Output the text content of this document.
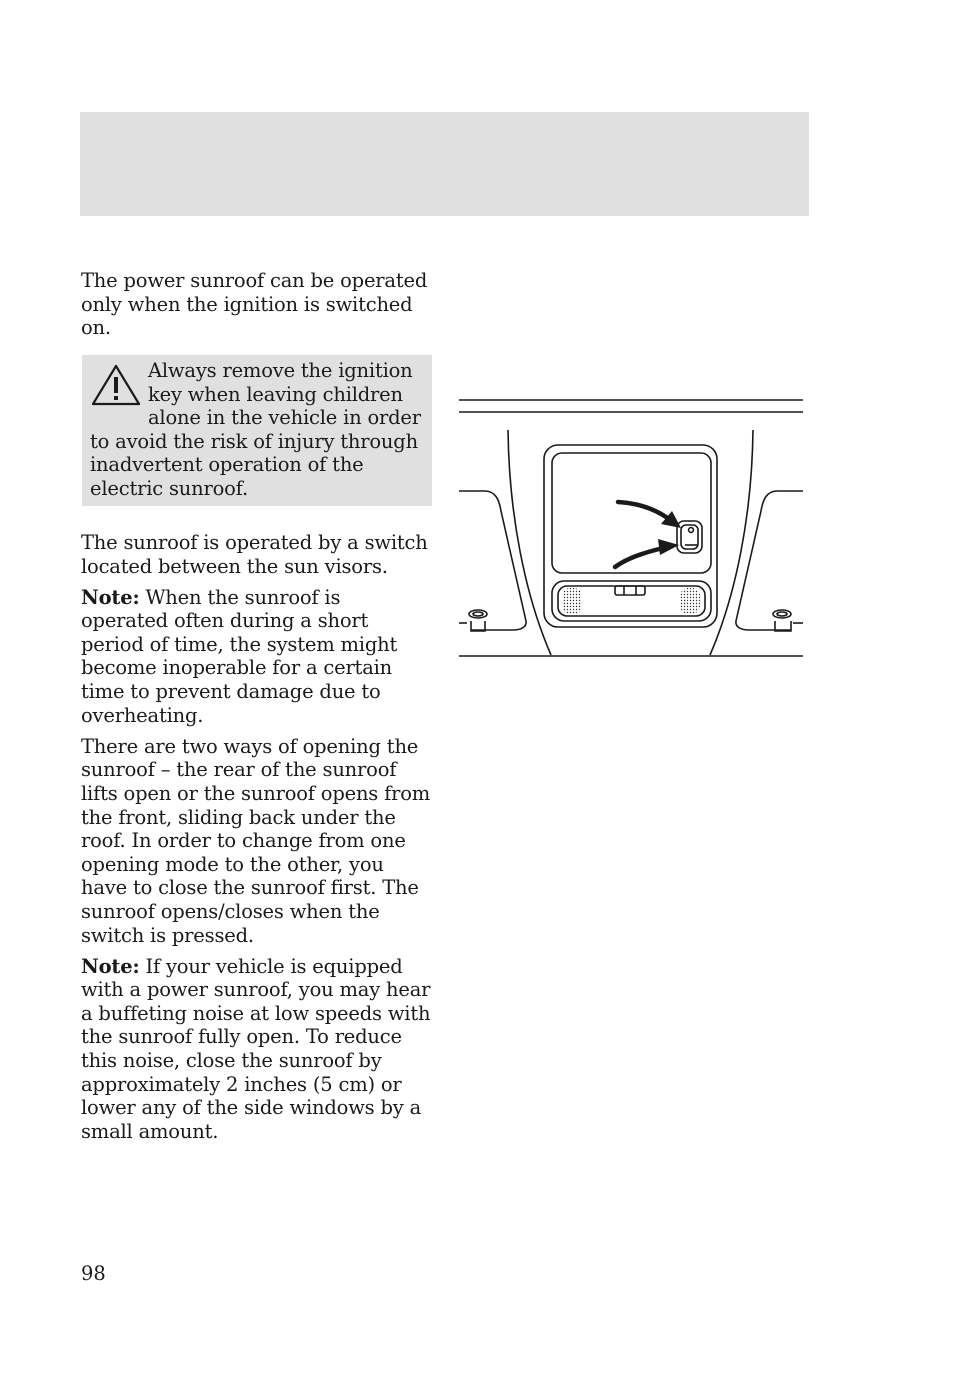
The power sunroof can be operated only when the ignition is switched on.

Always remove the ignition key when leaving children alone in the vehicle in order to avoid the risk of injury through inadvertent operation of the electric sunroof.

The sunroof is operated by a switch located between the sun visors.

Note: When the sunroof is operated often during a short period of time, the system might become inoperable for a certain time to prevent damage due to overheating.

There are two ways of opening the sunroof – the rear of the sunroof lifts open or the sunroof opens from the front, sliding back under the roof. In order to change from one opening mode to the other, you have to close the sunroof first. The sunroof opens/closes when the switch is pressed.

Note: If your vehicle is equipped with a power sunroof, you may hear a buffeting noise at low speeds with the sunroof fully open. To reduce this noise, close the sunroof by approximately 2 inches (5 cm) or lower any of the side windows by a small amount.

98
